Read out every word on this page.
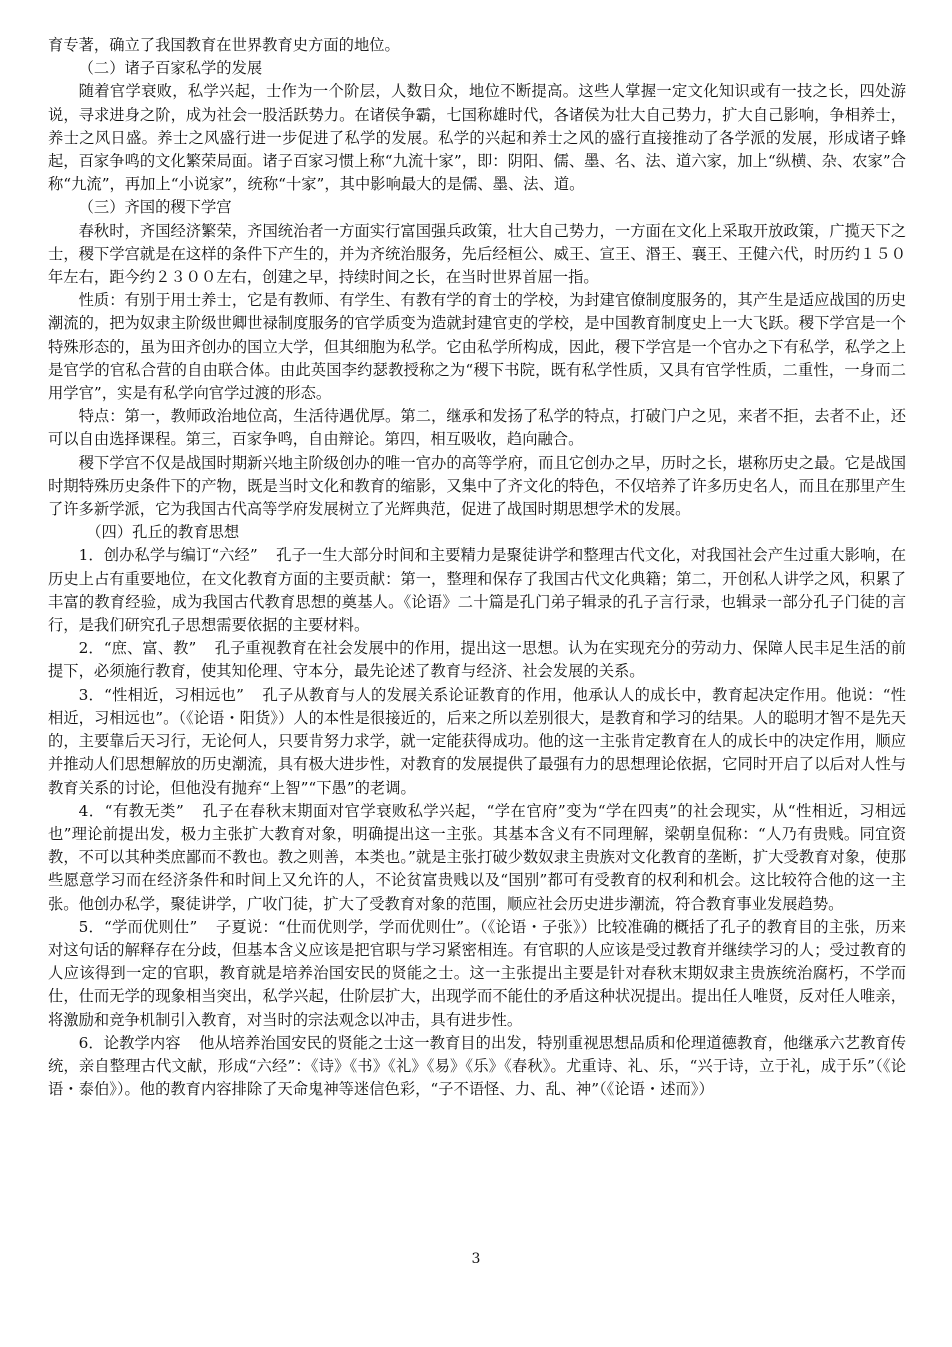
育专著，确立了我国教育在世界教育史方面的地位。

（二）诸子百家私学的发展

随着官学衰败，私学兴起，士作为一个阶层，人数日众，地位不断提高。这些人掌握一定文化知识或有一技之长，四处游说，寻求进身之阶，成为社会一股活跃势力。在诸侯争霸，七国称雄时代，各诸侯为壮大自己势力，扩大自己影响，争相养士，养士之风日盛。养士之风盛行进一步促进了私学的发展。私学的兴起和养士之风的盛行直接推动了各学派的发展，形成诸子蜂起，百家争鸣的文化繁荣局面。诸子百家习惯上称“九流十家”，即：阴阳、儒、墨、名、法、道六家，加上“纵横、杂、农家”合称“九流”，再加上“小说家”，统称“十家”，其中影响最大的是儒、墨、法、道。

（三）齐国的稷下学宫

春秋时，齐国经济繁荣，齐国统治者一方面实行富国强兵政策，壮大自己势力，一方面在文化上采取开放政策，广揽天下之士，稷下学宫就是在这样的条件下产生的，并为齐统治服务，先后经桓公、威王、宣王、湣王、襄王、王健六代，时历约１５０年左右，距今约２３００左右，创建之早，持续时间之长，在当时世界首屈一指。

性质：有别于用士养士，它是有教师、有学生、有教有学的育士的学校，为封建官僚制度服务的，其产生是适应战国的历史潮流的，把为奴隶主阶级世卿世禄制度服务的官学质变为造就封建官吏的学校，是中国教育制度史上一大飞跃。稷下学宫是一个特殊形态的，虽为田齐创办的国立大学，但其细胞为私学。它由私学所构成，因此，稷下学宫是一个官办之下有私学，私学之上是官学的官私合营的自由联合体。由此英国李约瑟教授称之为“稷下书院，既有私学性质，又具有官学性质，二重性，一身而二用学官”，实是有私学向官学过渡的形态。

特点：第一，教师政治地位高，生活待遇优厚。第二，继承和发扬了私学的特点，打破门户之见，来者不拒，去者不止，还可以自由选择课程。第三，百家争鸣，自由辩论。第四，相互吸收，趋向融合。

稷下学宫不仅是战国时期新兴地主阶级创办的唯一官办的高等学府，而且它创办之早，历时之长，堪称历史之最。它是战国时期特殊历史条件下的产物，既是当时文化和教育的缩影，又集中了齐文化的特色，不仅培养了许多历史名人，而且在那里产生了许多新学派，它为我国古代高等学府发展树立了光辉典范，促进了战国时期思想学术的发展。

（四）孔丘的教育思想

1．创办私学与编订“六经” 孔子一生大部分时间和主要精力是聚徒讲学和整理古代文化，对我国社会产生过重大影响，在历史上占有重要地位，在文化教育方面的主要贡献：第一，整理和保存了我国古代文化典籍；第二，开创私人讲学之风，积累了丰富的教育经验，成为我国古代教育思想的奠基人。《论语》二十篇是孔门弟子辑录的孔子言行录，也辑录一部分孔子门徒的言行，是我们研究孔子思想需要依据的主要材料。

2．“庶、富、教” 孔子重视教育在社会发展中的作用，提出这一思想。认为在实现充分的劳动力、保障人民丰足生活的前提下，必须施行教育，使其知伦理、守本分，最先论述了教育与经济、社会发展的关系。

3．“性相近，习相远也” 孔子从教育与人的发展关系论证教育的作用，他承认人的成长中，教育起决定作用。他说：“性相近，习相远也”。（《论语・阳货》）人的本性是很接近的，后来之所以差别很大，是教育和学习的结果。人的聪明才智不是先天的，主要靠后天习行，无论何人，只要肯努力求学，就一定能获得成功。他的这一主张肯定教育在人的成长中的决定作用，顺应并推动人们思想解放的历史潮流，具有极大进步性，对教育的发展提供了最强有力的思想理论依据，它同时开启了以后对人性与教育关系的讨论，但他没有抛弃“上智”“下愚”的老调。

4．“有教无类” 孔子在春秋末期面对官学衰败私学兴起，“学在官府”变为“学在四夷”的社会现实，从“性相近，习相远也”理论前提出发，极力主张扩大教育对象，明确提出这一主张。其基本含义有不同理解，梁朝皇侃称：“人乃有贵贱。同宜资教，不可以其种类庶鄙而不教也。教之则善，本类也。”就是主张打破少数奴隶主贵族对文化教育的垄断，扩大受教育对象，使那些愿意学习而在经济条件和时间上又允许的人，不论贫富贵贱以及“国别”都可有受教育的权利和机会。这比较符合他的这一主张。他创办私学，聚徒讲学，广收门徒，扩大了受教育对象的范围，顺应社会历史进步潮流，符合教育事业发展趋势。

5．“学而优则仕” 子夏说：“仕而优则学，学而优则仕”。（《论语・子张》）比较准确的概括了孔子的教育目的主张，历来对这句话的解释存在分歧，但基本含义应该是把官职与学习紧密相连。有官职的人应该是受过教育并继续学习的人；受过教育的人应该得到一定的官职，教育就是培养治国安民的贤能之士。这一主张提出主要是针对春秋末期奴隶主贵族统治腐朽，不学而仕，仕而无学的现象相当突出，私学兴起，仕阶层扩大，出现学而不能仕的矛盾这种状况提出。提出任人唯贤，反对任人唯亲，将激励和竞争机制引入教育，对当时的宗法观念以冲击，具有进步性。

6．论教学内容 他从培养治国安民的贤能之士这一教育目的出发，特别重视思想品质和伦理道德教育，他继承六艺教育传统，亲自整理古代文献，形成“六经”：《诗》《书》《礼》《易》《乐》《春秋》。尤重诗、礼、乐，“兴于诗，立于礼，成于乐”（《论语・泰伯》）。他的教育内容排除了天命鬼神等迷信色彩，“子不语怪、力、乱、神”（《论语・述而》）

3
